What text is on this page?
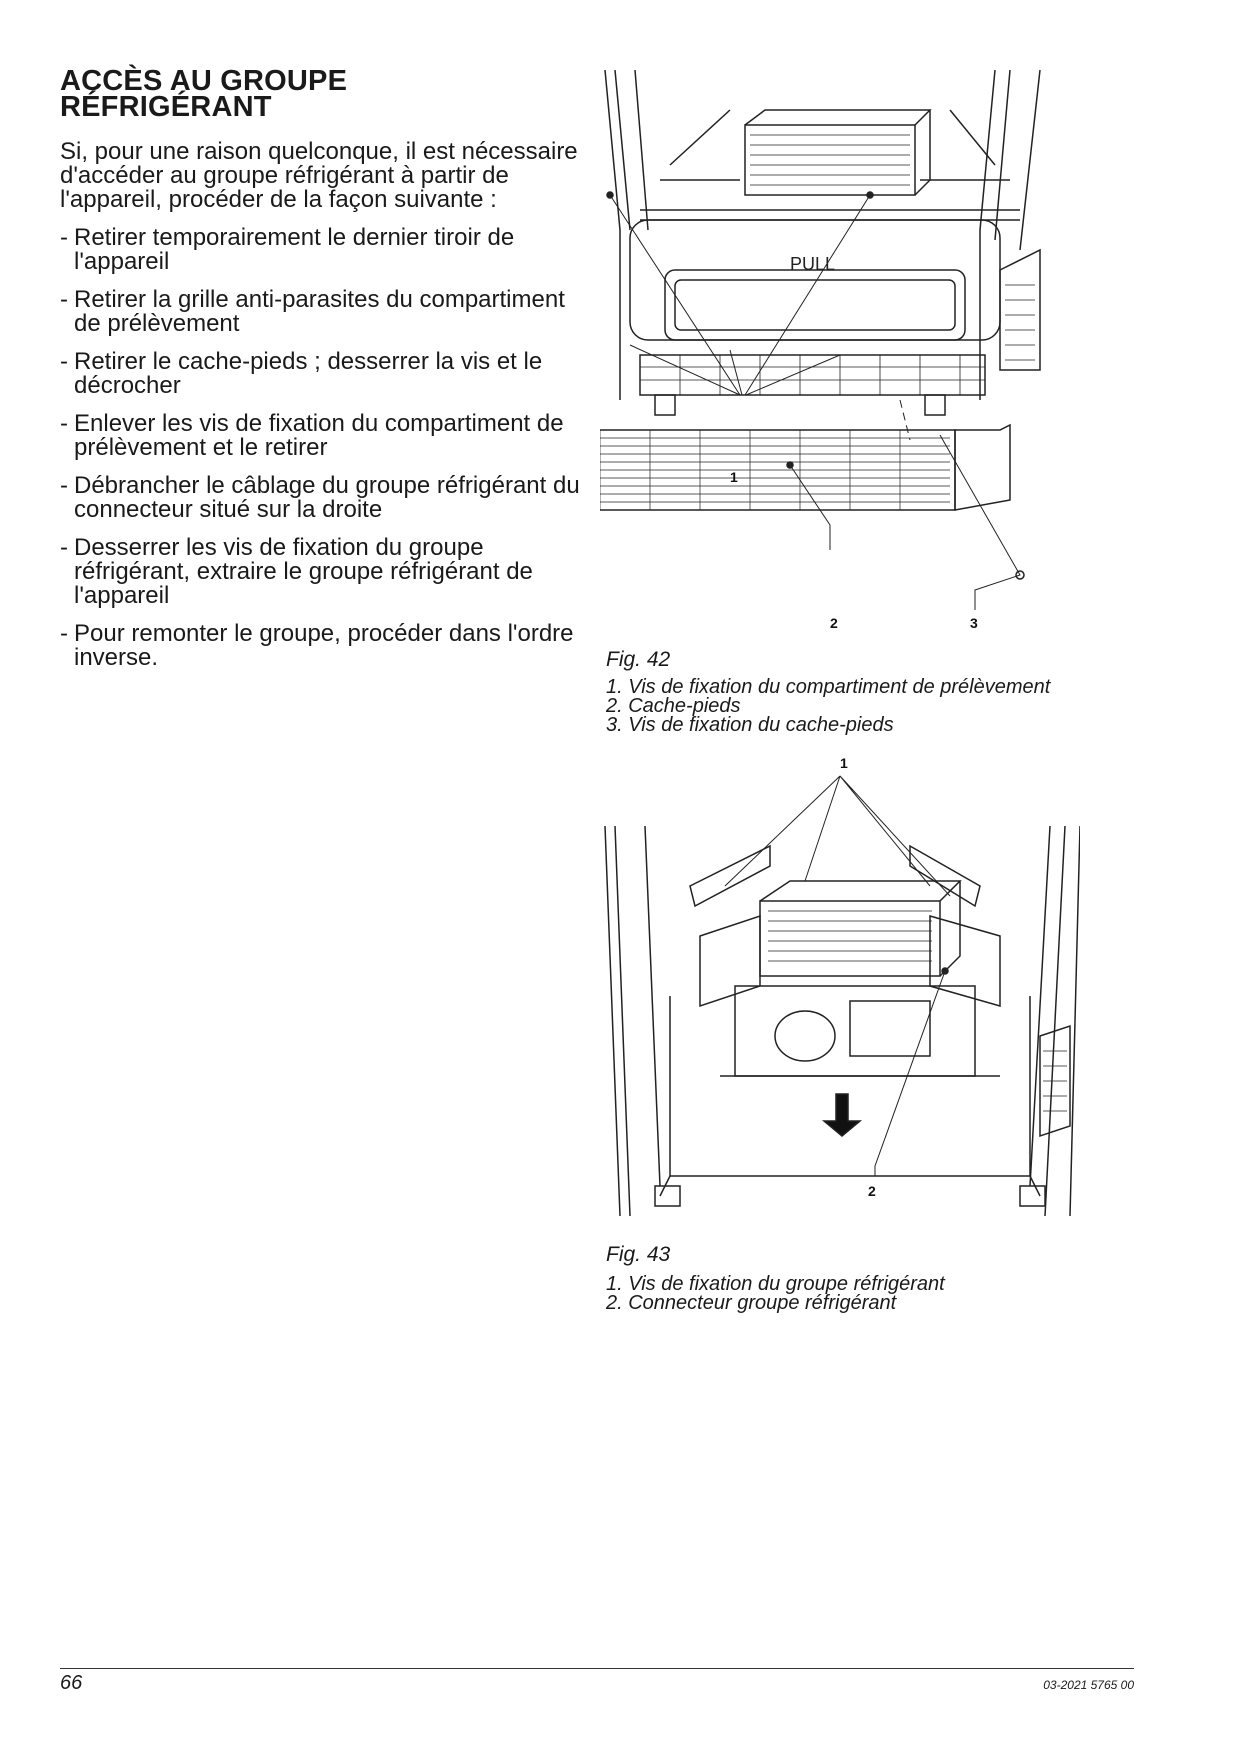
ACCÈS AU GROUPE
RÉFRIGÉRANT

Si, pour une raison quelconque, il est nécessaire d'accéder au groupe réfrigérant à partir de l'appareil, procéder de la façon suivante :

- Retirer temporairement le dernier tiroir de l'appareil
- Retirer la grille anti-parasites du compartiment de prélèvement
- Retirer le cache-pieds ; desserrer la vis et le décrocher
- Enlever les vis de fixation du compartiment de prélèvement et le retirer
- Débrancher le câblage du groupe réfrigérant du connecteur situé sur la droite
- Desserrer les vis de fixation du groupe réfrigérant, extraire le groupe réfrigérant de l'appareil
- Pour remonter le groupe, procéder dans l'ordre inverse.
PULL
1
2	3
Fig. 42
1. Vis de fixation du compartiment de prélèvement
2. Cache-pieds
3. Vis de fixation du cache-pieds
1
2
Fig. 43
1. Vis de fixation du groupe réfrigérant
2. Connecteur groupe réfrigérant
66	03-2021 5765 00
